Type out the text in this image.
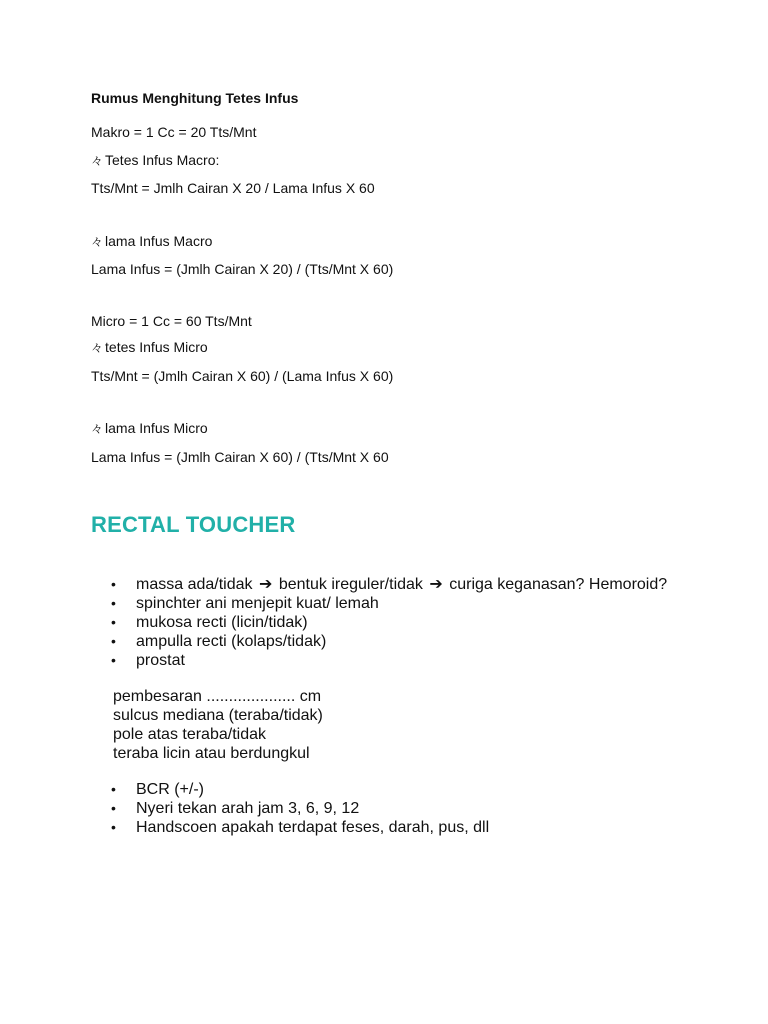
Rumus Menghitung Tetes Infus
Makro = 1 Cc = 20 Tts/Mnt
々 Tetes Infus Macro:
Tts/Mnt = Jmlh Cairan X 20 / Lama Infus X 60
々 lama Infus Macro
Lama Infus = (Jmlh Cairan X 20) / (Tts/Mnt X 60)
Micro = 1 Cc = 60 Tts/Mnt
々 tetes Infus Micro
Tts/Mnt = (Jmlh Cairan X 60) / (Lama Infus X 60)
々 lama Infus Micro
Lama Infus = (Jmlh Cairan X 60) / (Tts/Mnt X 60
RECTAL TOUCHER
• massa ada/tidak ➔ bentuk ireguler/tidak ➔ curiga keganasan? Hemoroid?
• spinchter ani menjepit kuat/ lemah
• mukosa recti (licin/tidak)
• ampulla recti (kolaps/tidak)
• prostat
pembesaran .................... cm
sulcus mediana (teraba/tidak)
pole atas teraba/tidak
teraba licin atau berdungkul
• BCR (+/-)
• Nyeri tekan arah jam 3, 6, 9, 12
• Handscoen apakah terdapat feses, darah, pus, dll
